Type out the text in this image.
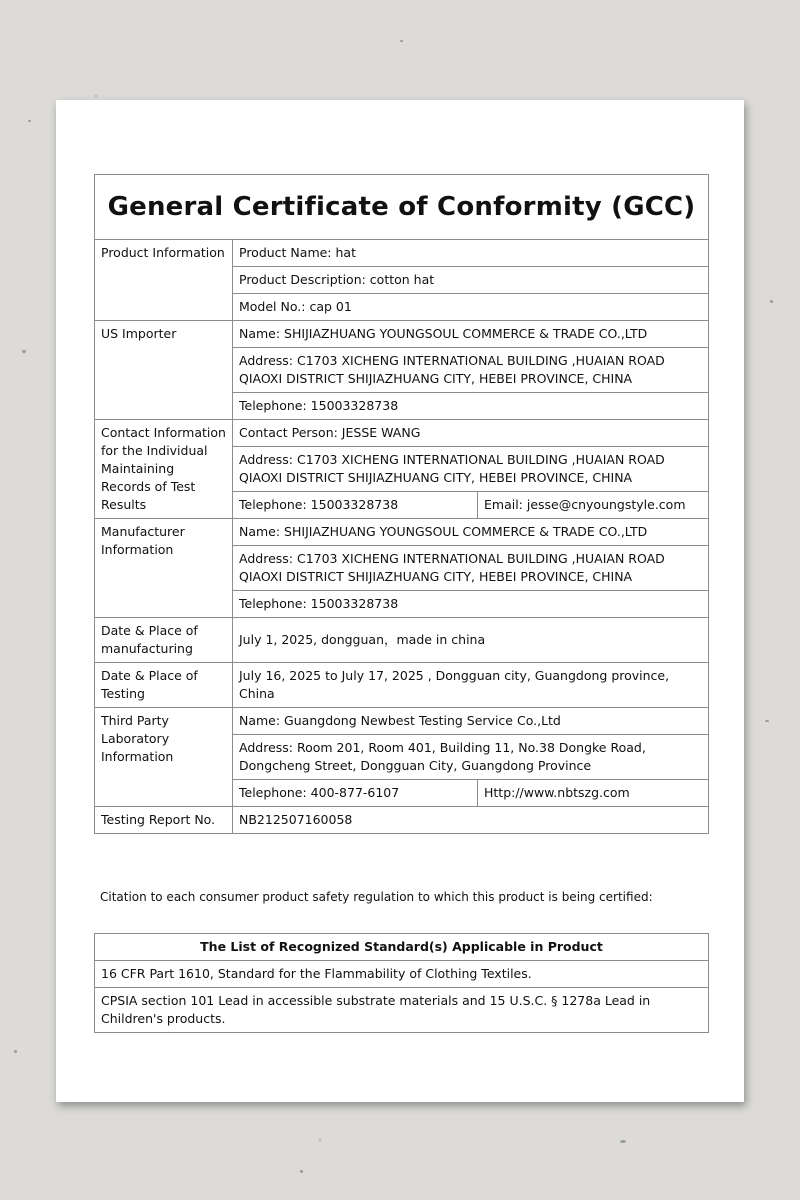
General Certificate of Conformity (GCC)		
Product Information	Product Name: hat	
	Product Description: cotton hat	
	Model No.: cap 01	
US Importer	Name: SHIJIAZHUANG YOUNGSOUL COMMERCE & TRADE CO.,LTD	
	Address: C1703 XICHENG INTERNATIONAL BUILDING ,HUAIAN ROAD QIAOXI DISTRICT SHIJIAZHUANG CITY, HEBEI PROVINCE, CHINA	
	Telephone: 15003328738	
Contact Information for the Individual Maintaining Records of Test Results	Contact Person: JESSE WANG	
	Address: C1703 XICHENG INTERNATIONAL BUILDING ,HUAIAN ROAD QIAOXI DISTRICT SHIJIAZHUANG CITY, HEBEI PROVINCE, CHINA	
	Telephone: 15003328738	Email: jesse@cnyoungstyle.com
Manufacturer Information	Name: SHIJIAZHUANG YOUNGSOUL COMMERCE & TRADE CO.,LTD	
	Address: C1703 XICHENG INTERNATIONAL BUILDING ,HUAIAN ROAD QIAOXI DISTRICT SHIJIAZHUANG CITY, HEBEI PROVINCE, CHINA	
	Telephone: 15003328738	
Date & Place of manufacturing	July 1, 2025, dongguan，made in china	
Date & Place of Testing	July 16, 2025 to July 17, 2025 , Dongguan city, Guangdong province, China	
Third Party Laboratory Information	Name: Guangdong Newbest Testing Service Co.,Ltd	
	Address: Room 201, Room 401, Building 11, No.38 Dongke Road, Dongcheng Street, Dongguan City, Guangdong Province	
	Telephone: 400-877-6107	Http://www.nbtszg.com
Testing Report No.	NB212507160058	
Citation to each consumer product safety regulation to which this product is being certified:
The List of Recognized Standard(s) Applicable in Product
16 CFR Part 1610, Standard for the Flammability of Clothing Textiles.
CPSIA section 101 Lead in accessible substrate materials and 15 U.S.C. § 1278a Lead in Children's products.
